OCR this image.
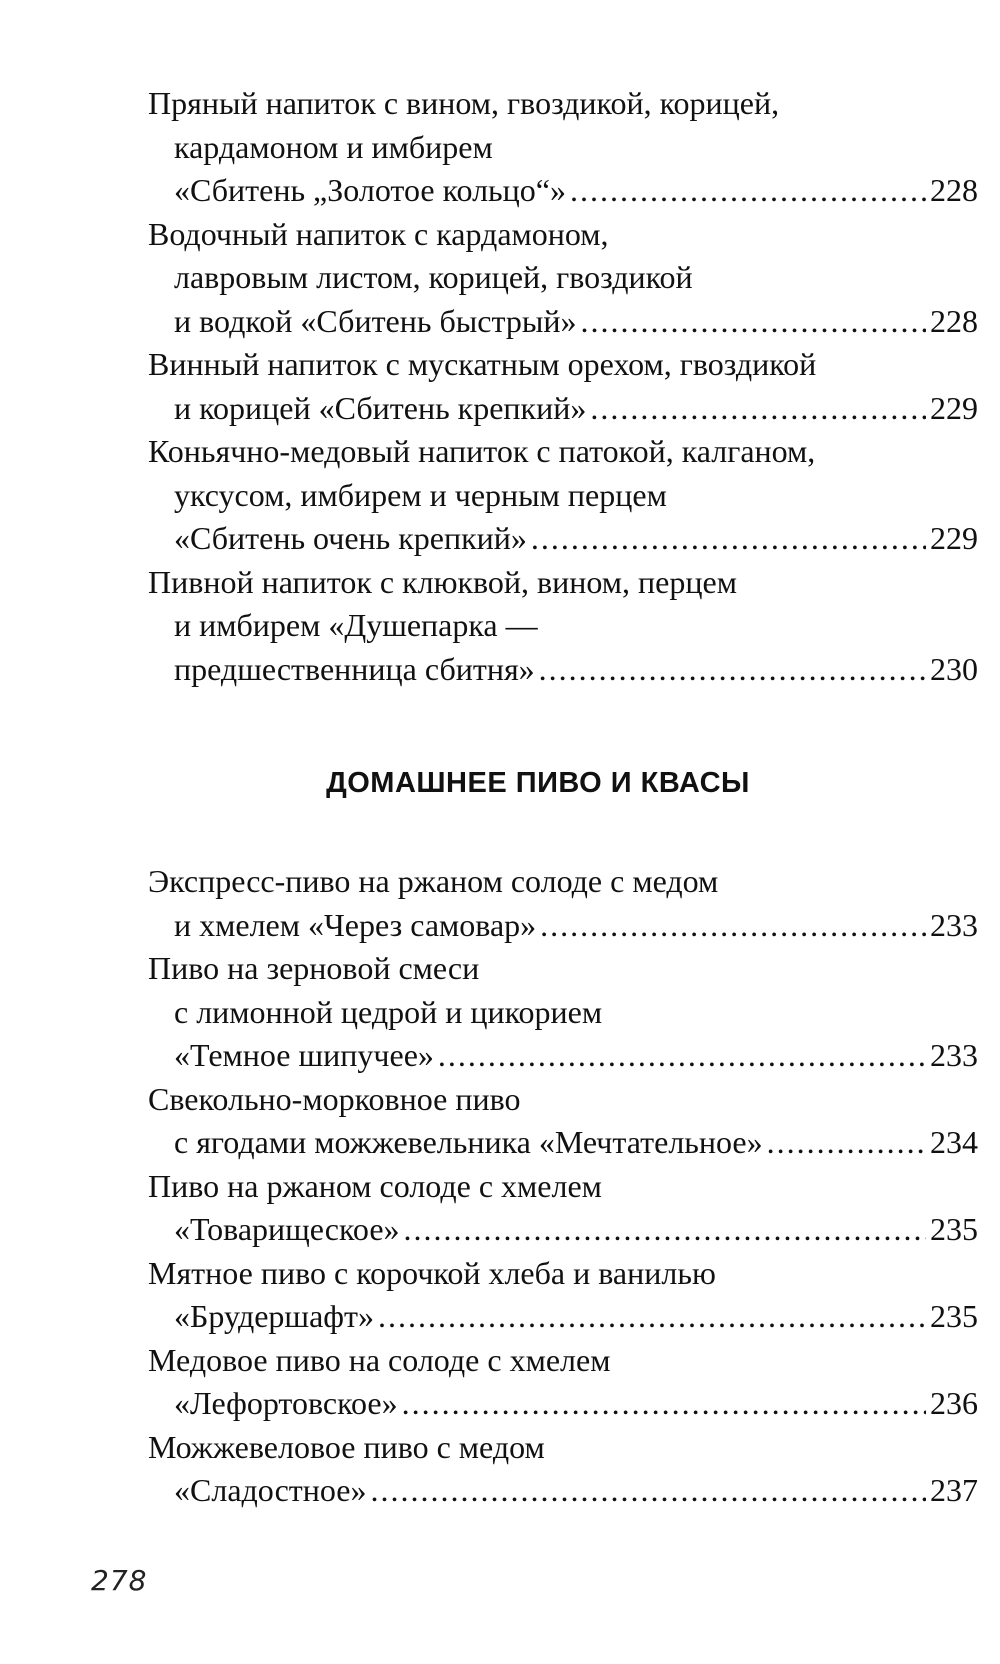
Пряный напиток с вином, гвоздикой, корицей,
кардамоном и имбирем
«Сбитень „Золотое кольцо“» .....	228
Водочный напиток с кардамоном,
лавровым листом, корицей, гвоздикой
и водкой «Сбитень быстрый» .....	228
Винный напиток с мускатным орехом, гвоздикой
и корицей «Сбитень крепкий» .....	229
Коньячно-медовый напиток с патокой, калганом,
уксусом, имбирем и черным перцем
«Сбитень очень крепкий» .....	229
Пивной напиток с клюквой, вином, перцем
и имбирем «Душепарка —
предшественница сбитня» .....	230
ДОМАШНЕЕ ПИВО И КВАСЫ
Экспресс-пиво на ржаном солоде с медом
и хмелем «Через самовар» .....	233
Пиво на зерновой смеси
с лимонной цедрой и цикорием
«Темное шипучее» .....	233
Свекольно-морковное пиво
с ягодами можжевельника «Мечтательное» .....	234
Пиво на ржаном солоде с хмелем
«Товарищеское» .....	235
Мятное пиво с корочкой хлеба и ванилью
«Брудершафт» .....	235
Медовое пиво на солоде с хмелем
«Лефортовское» .....	236
Можжевеловое пиво с медом
«Сладостное» .....	237
278
